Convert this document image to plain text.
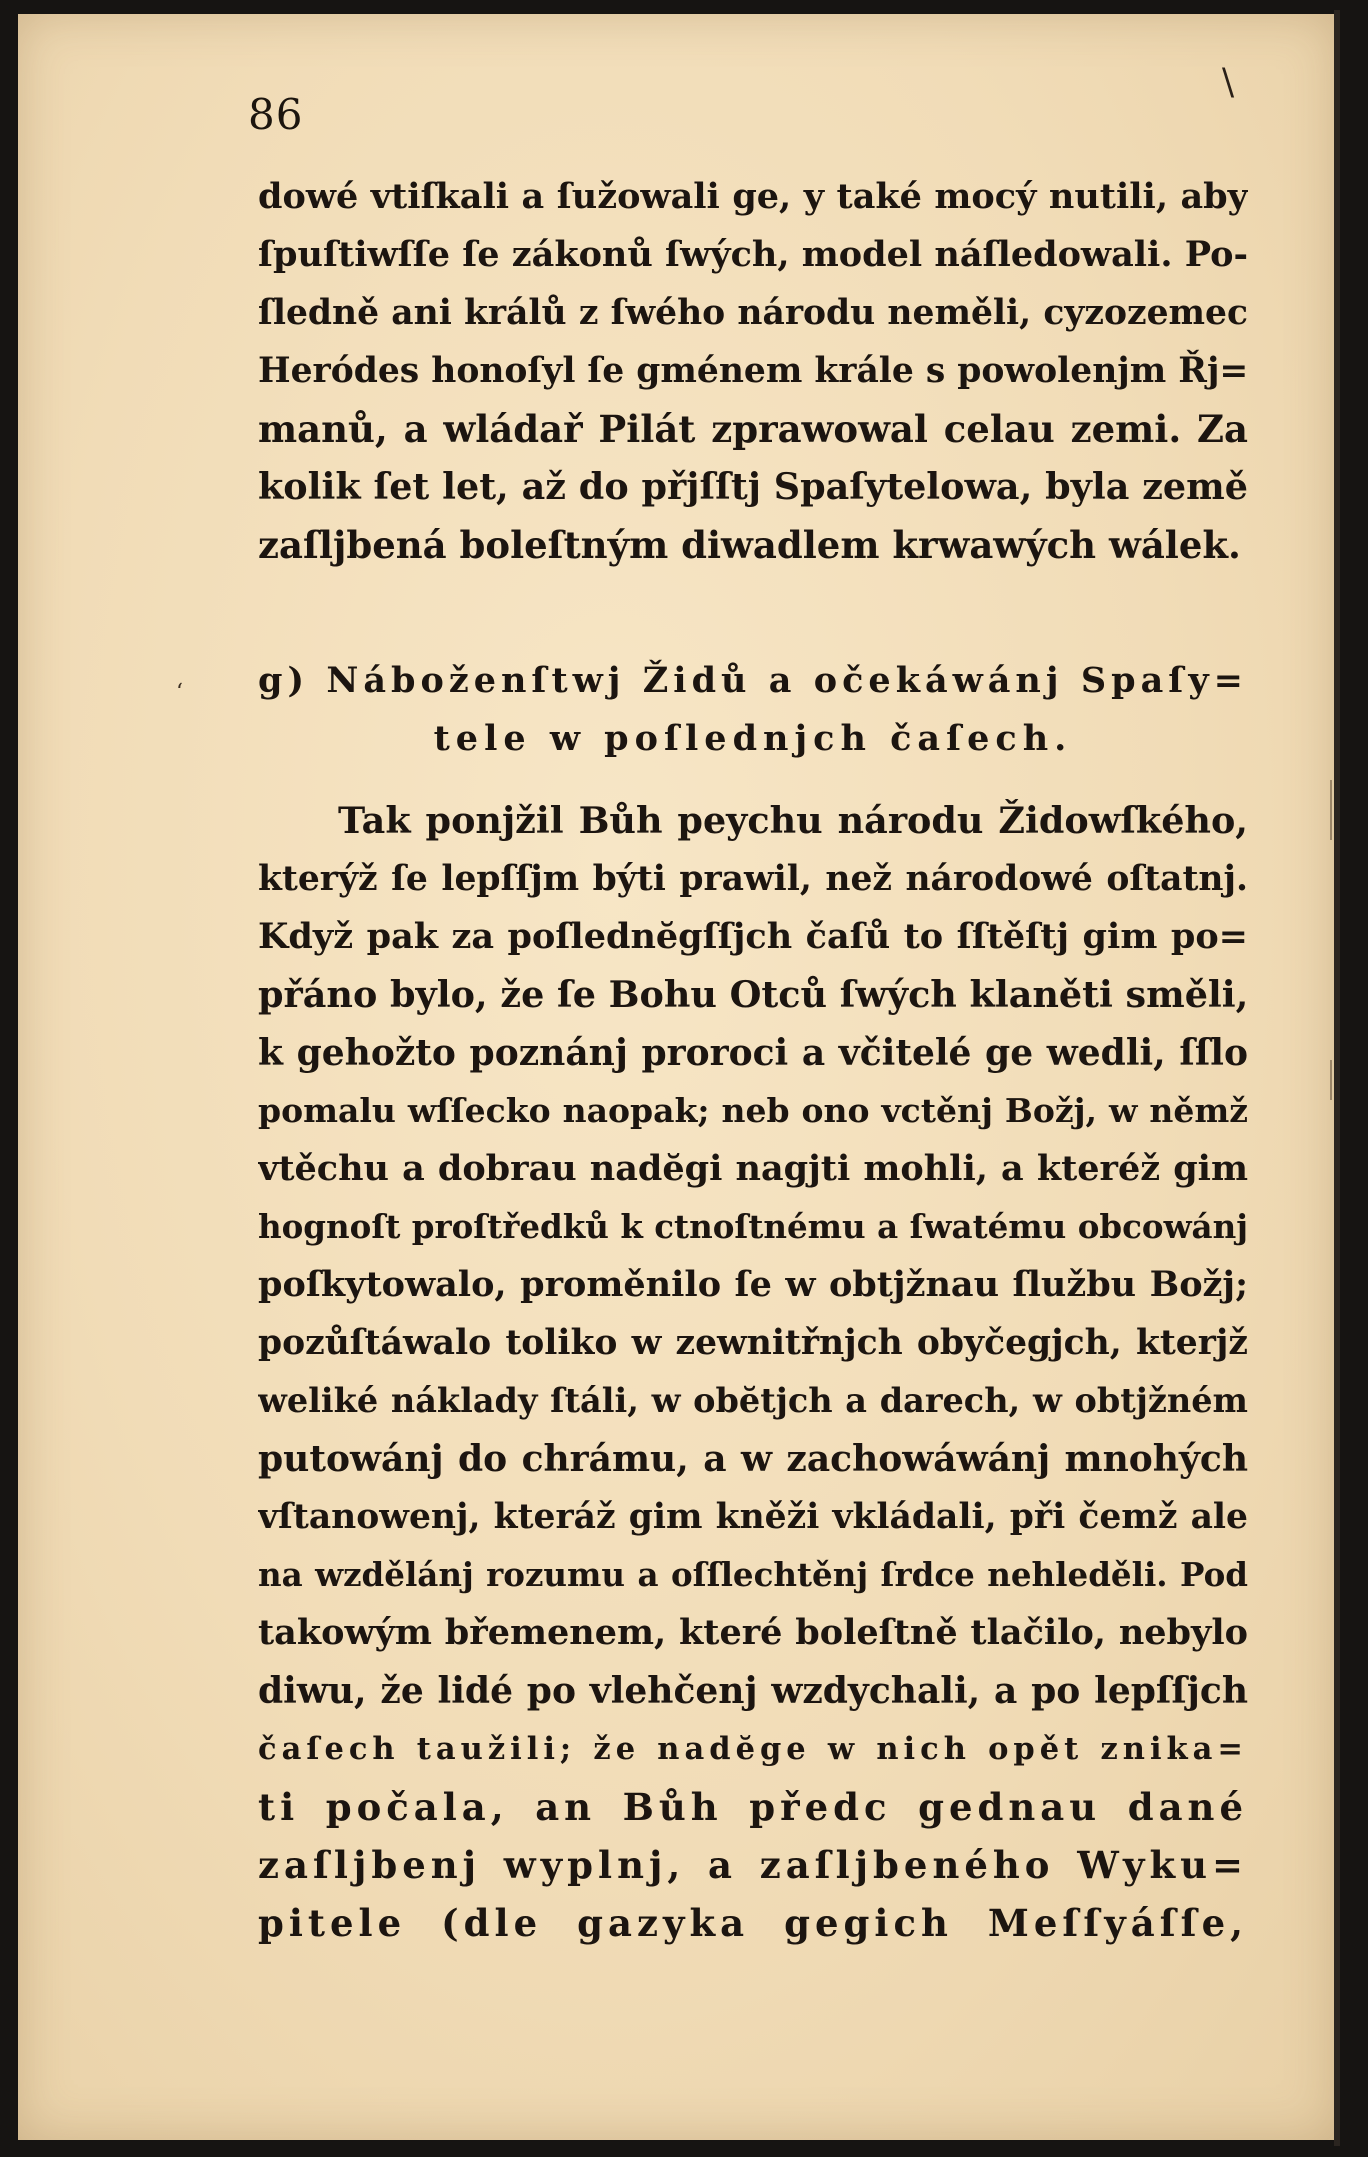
86
\
‘
dowé vtiſkali a ſužowali ge, y také mocý nutili, aby
ſpuſtiwſſe ſe zákonů ſwých, model náſledowali. Po-
ſledně ani králů z ſwého národu neměli, cyzozemec
Heródes honoſyl ſe gménem krále s powolenjm Řj=
manů, a wládař Pilát zprawowal celau zemi. Za
kolik ſet let, až do přjſſtj Spaſytelowa, byla země
zaſljbená boleſtným diwadlem krwawých wálek.
g) Náboženſtwj Židů a očekáwánj Spaſy=
tele w poſlednjch čaſech.
Tak ponjžil Bůh peychu národu Židowſkého,
kterýž ſe lepſſjm býti prawil, než národowé oſtatnj.
Když pak za poſlednĕgſſjch čaſů to ſſtěſtj gim po=
přáno bylo, že ſe Bohu Otců ſwých klaněti směli,
k gehožto poznánj proroci a včitelé ge wedli, ſſlo
pomalu wſſecko naopak; neb ono vctěnj Božj, w němž
vtěchu a dobrau nadĕgi nagjti mohli, a kteréž gim
hognoſt proſtředků k ctnoſtnému a ſwatému obcowánj
poſkytowalo, proměnilo ſe w obtjžnau ſlužbu Božj;
pozůſtáwalo toliko w zewnitřnjch obyčegjch, kterjž
weliké náklady ſtáli, w obĕtjch a darech, w obtjžném
putowánj do chrámu, a w zachowáwánj mnohých
vſtanowenj, kteráž gim kněži vkládali, při čemž ale
na wzdělánj rozumu a oſſlechtěnj ſrdce nehleděli. Pod
takowým břemenem, které boleſtně tlačilo, nebylo
diwu, že lidé po vlehčenj wzdychali, a po lepſſjch
čaſech taužili; že nadĕge w nich opět znika=
ti počala, an Bůh předc gednau dané
zaſljbenj wyplnj, a zaſljbeného Wyku=
pitele (dle gazyka gegich Meſſyáſſe,
